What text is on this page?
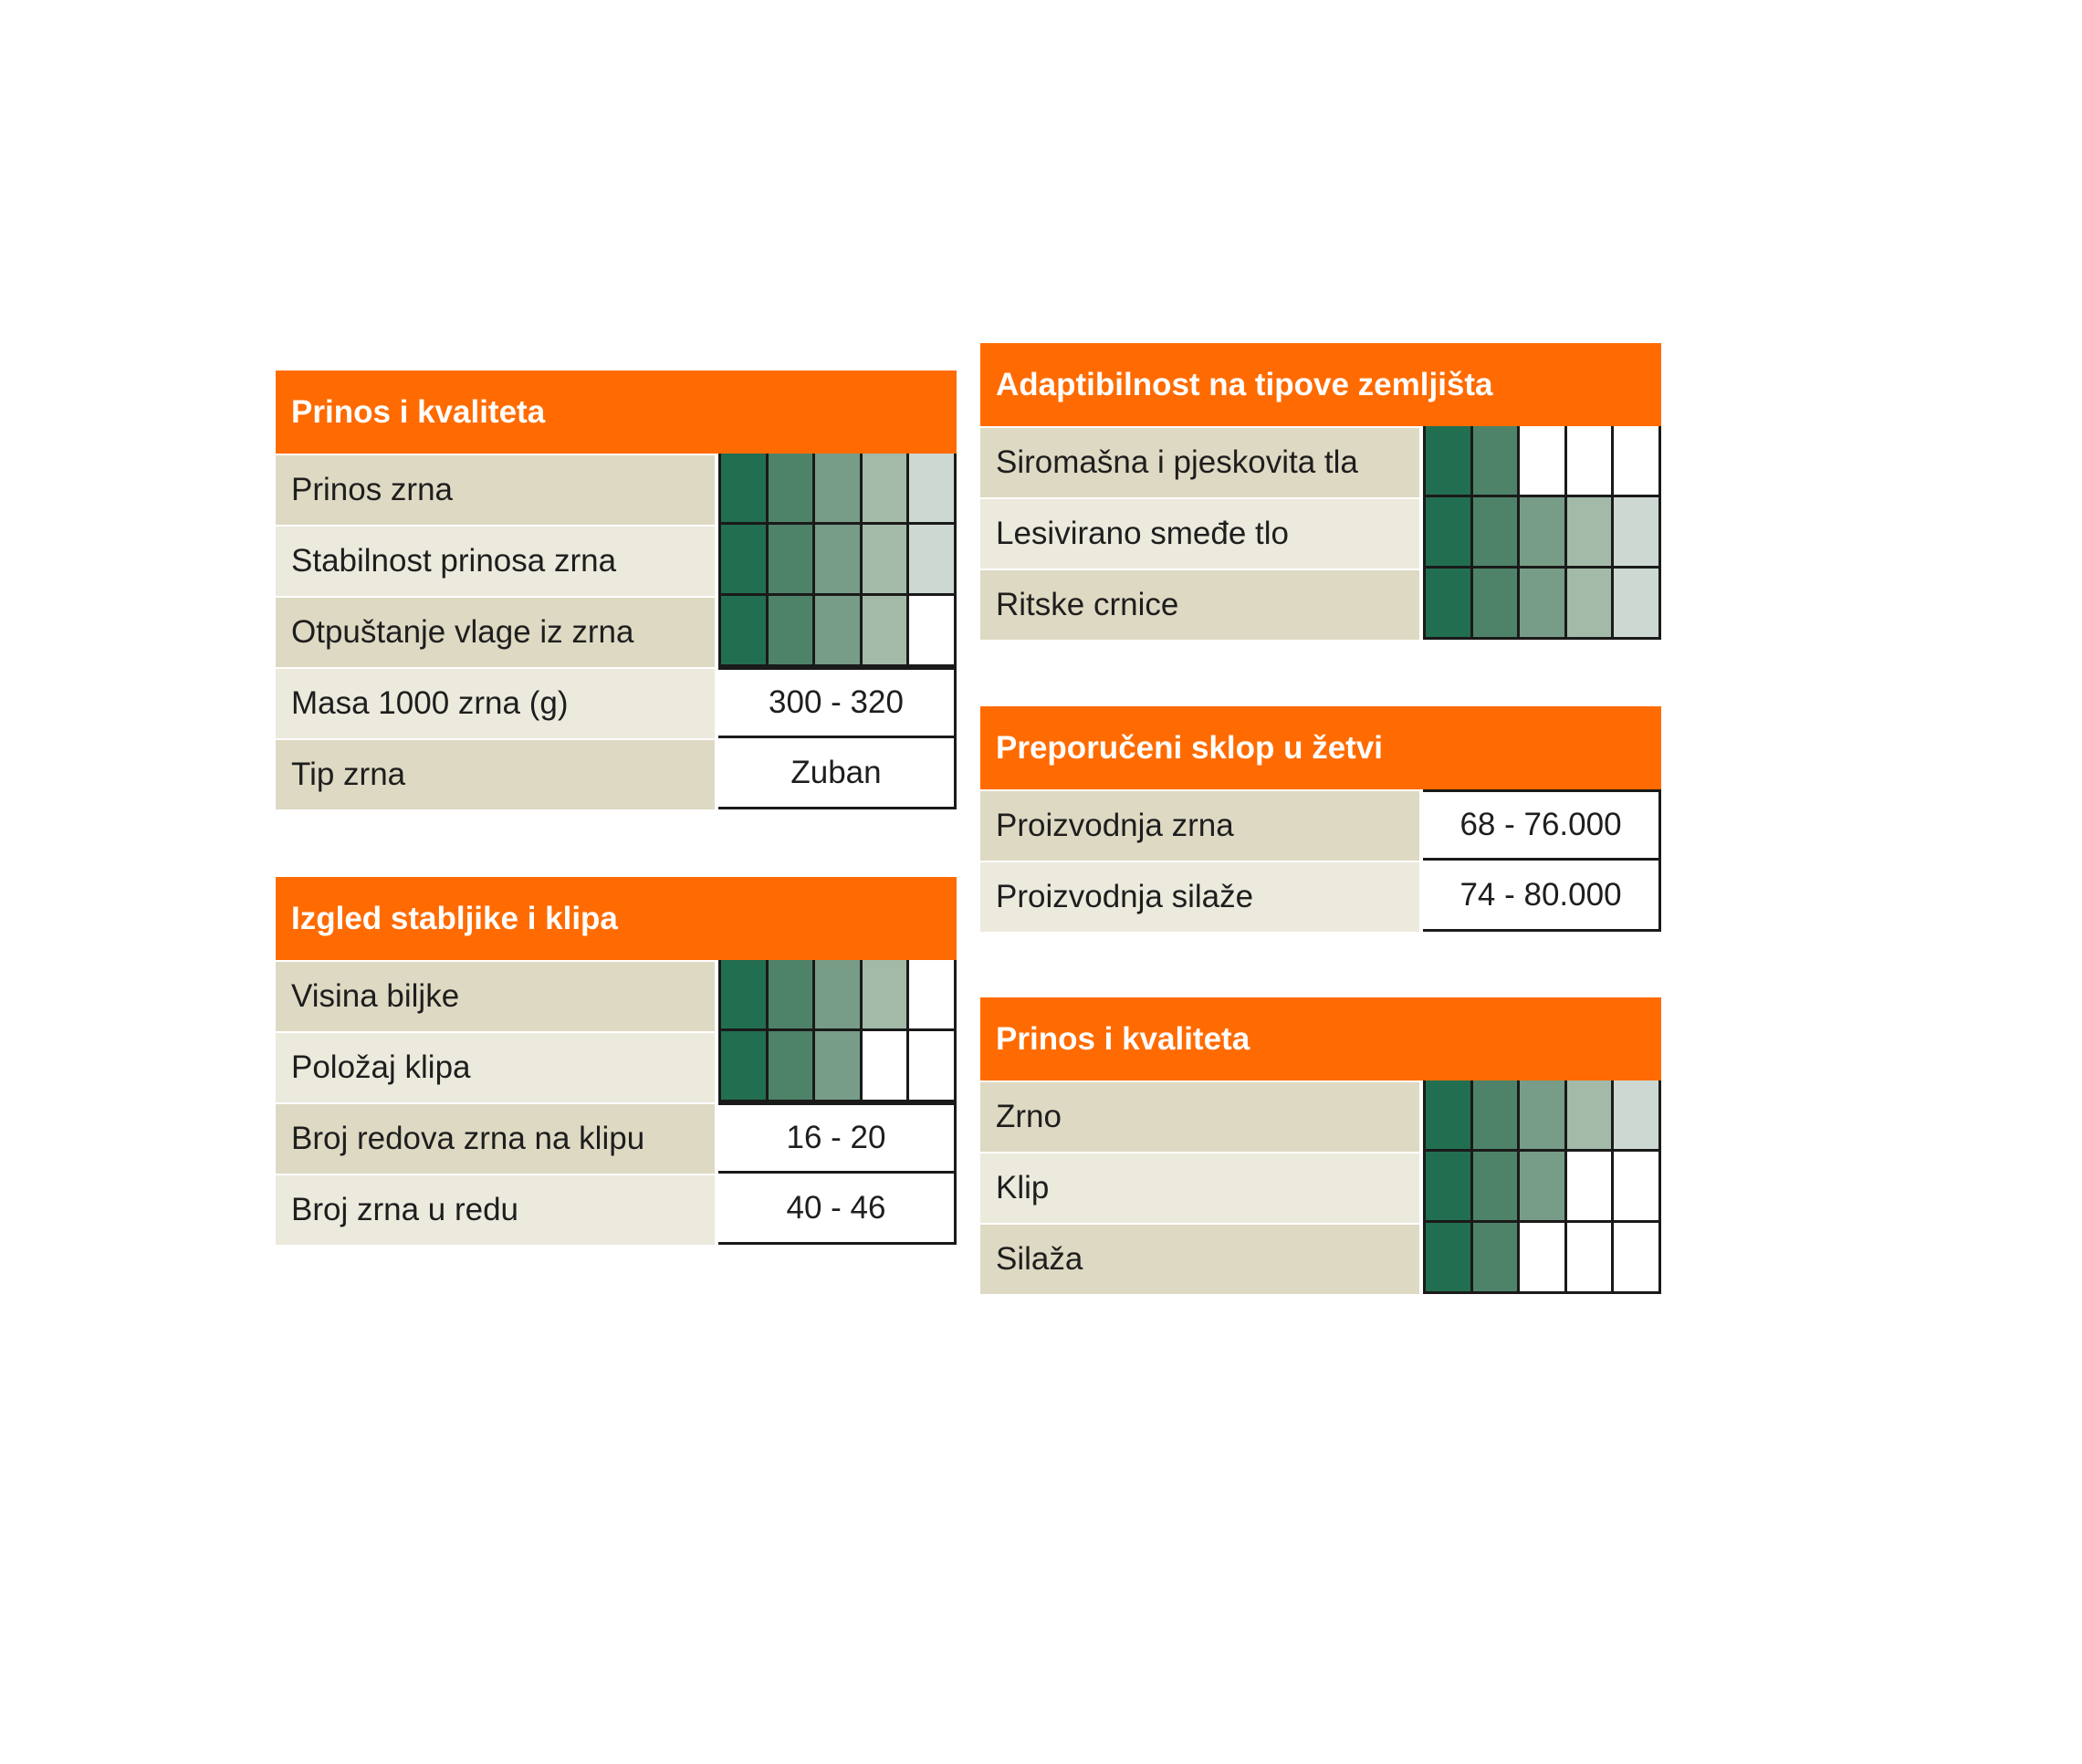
Prinos i kvaliteta
Prinos zrna
Stabilnost prinosa zrna
Otpuštanje vlage iz zrna
Masa 1000 zrna (g)	300 - 320
Tip zrna	Zuban
Izgled stabljike i klipa
Visina biljke
Položaj klipa
Broj redova zrna na klipu	16 - 20
Broj zrna u redu	40 - 46
Adaptibilnost na tipove zemljišta
Siromašna i pjeskovita tla
Lesivirano smeđe tlo
Ritske crnice
Preporučeni sklop u žetvi
Proizvodnja zrna	68 - 76.000
Proizvodnja silaže	74 - 80.000
Prinos i kvaliteta
Zrno
Klip
Silaža
